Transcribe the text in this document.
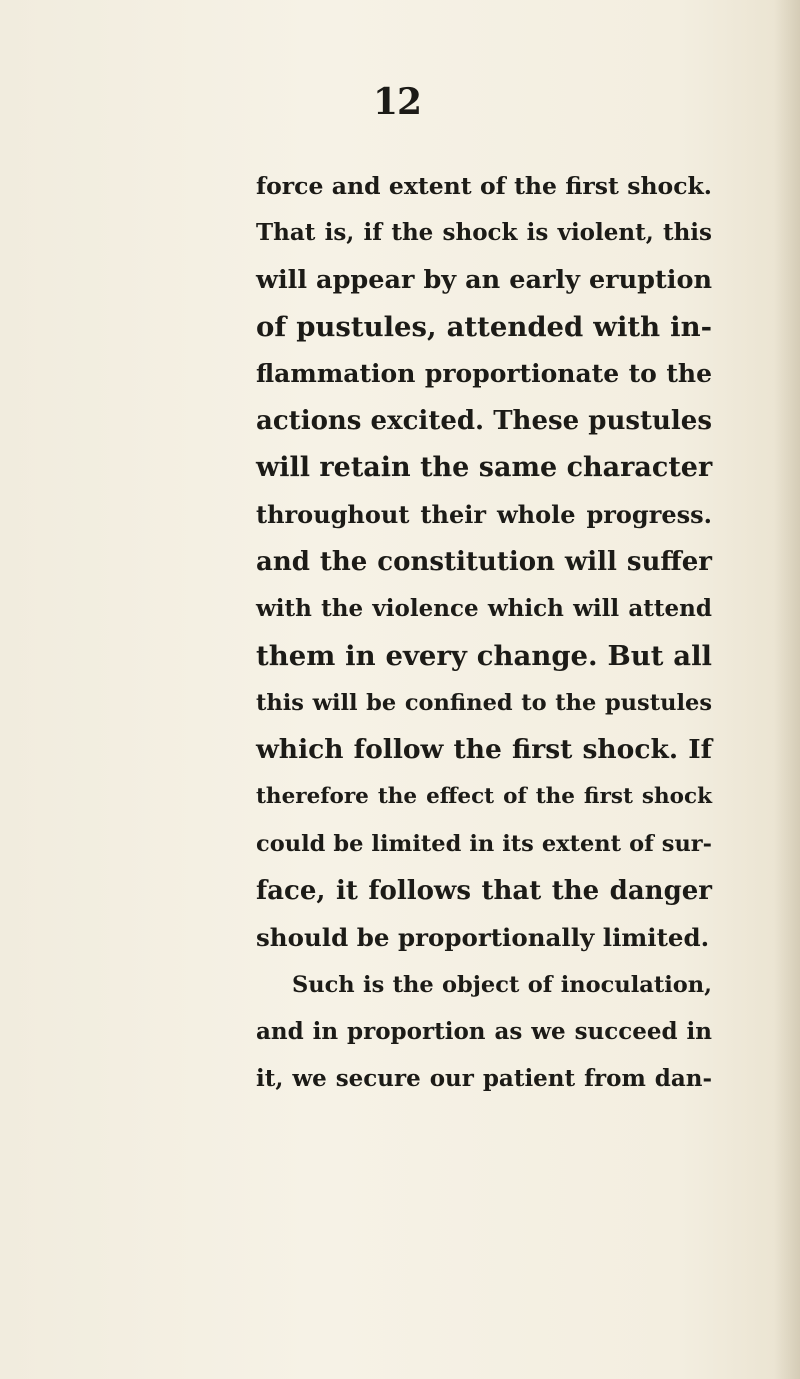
12
force and extent of the first shock.
That is, if the shock is violent, this
will appear by an early eruption
of pustules, attended with in-
flammation proportionate to the
actions excited. These pustules
will retain the same character
throughout their whole progress.
and the constitution will suffer
with the violence which will attend
them in every change. But all
this will be confined to the pustules
which follow the first shock. If
therefore the effect of the first shock
could be limited in its extent of sur-
face, it follows that the danger
should be proportionally limited.
Such is the object of inoculation,
and in proportion as we succeed in
it, we secure our patient from dan-
